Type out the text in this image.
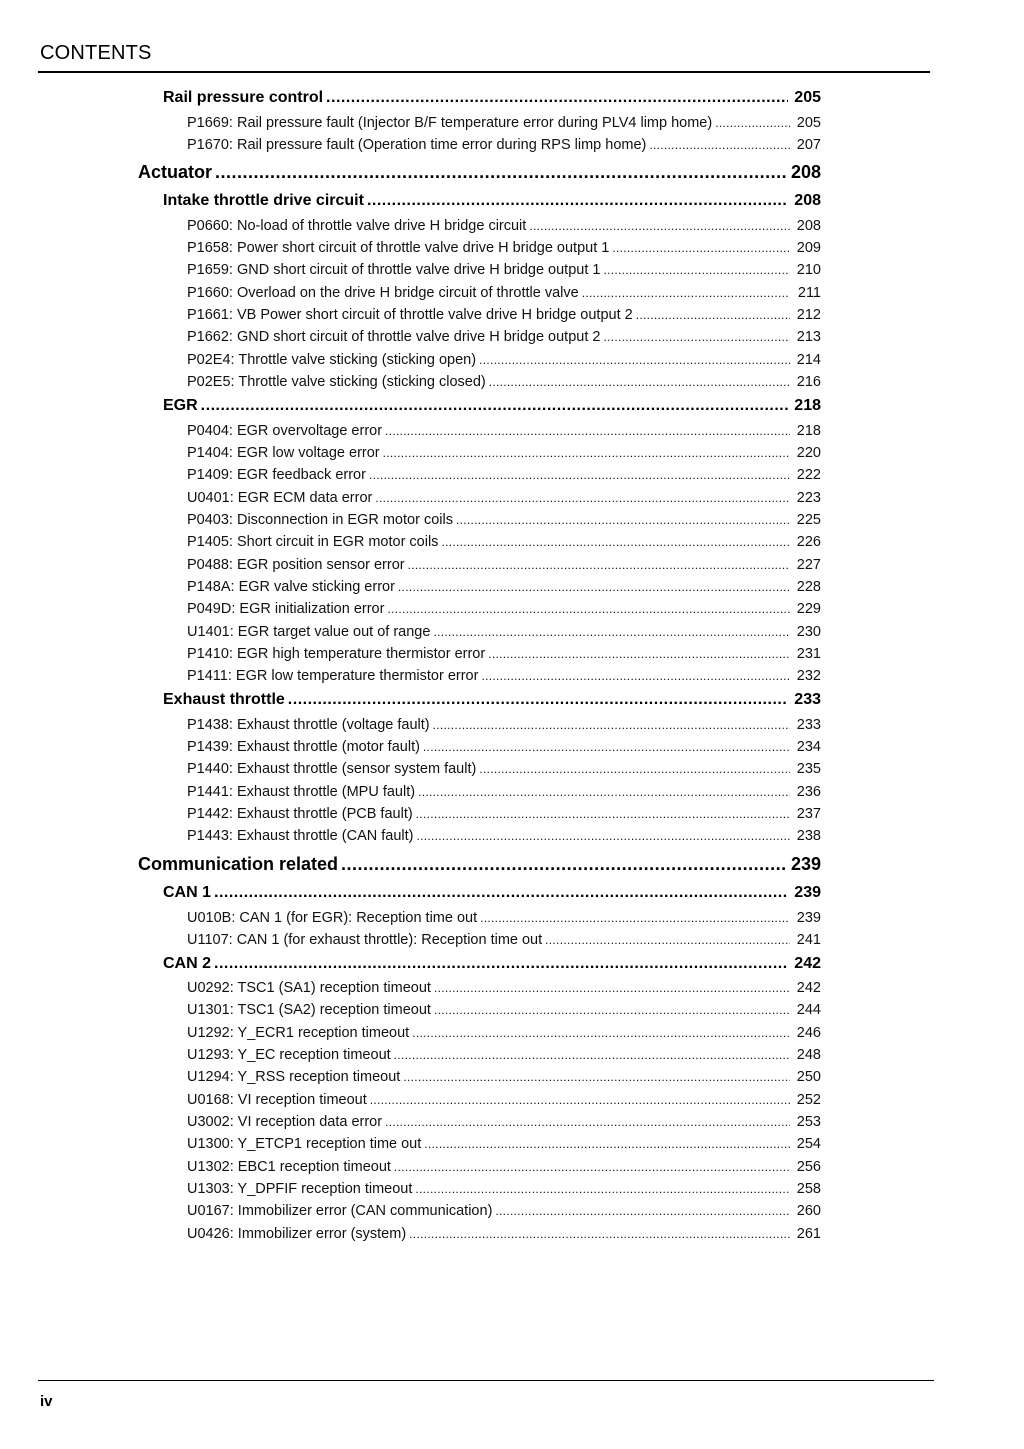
CONTENTS
Rail pressure control .....	205
P1669: Rail pressure fault (Injector B/F temperature error during PLV4 limp home) .....	205
P1670: Rail pressure fault (Operation time error during RPS limp home) .....	207
Actuator .....	208
Intake throttle drive circuit .....	208
P0660: No-load of throttle valve drive H bridge circuit .....	208
P1658: Power short circuit of throttle valve drive H bridge output 1 .....	209
P1659: GND short circuit of throttle valve drive H bridge output 1 .....	210
P1660: Overload on the drive H bridge circuit of throttle valve .....	211
P1661: VB Power short circuit of throttle valve drive H bridge output 2 .....	212
P1662: GND short circuit of throttle valve drive H bridge output 2 .....	213
P02E4: Throttle valve sticking (sticking open) .....	214
P02E5: Throttle valve sticking (sticking closed) .....	216
EGR .....	218
P0404: EGR overvoltage error .....	218
P1404: EGR low voltage error .....	220
P1409: EGR feedback error .....	222
U0401: EGR ECM data error .....	223
P0403: Disconnection in EGR motor coils .....	225
P1405: Short circuit in EGR motor coils .....	226
P0488: EGR position sensor error .....	227
P148A: EGR valve sticking error .....	228
P049D: EGR initialization error .....	229
U1401: EGR target value out of range .....	230
P1410: EGR high temperature thermistor error .....	231
P1411: EGR low temperature thermistor error .....	232
Exhaust throttle .....	233
P1438: Exhaust throttle (voltage fault) .....	233
P1439: Exhaust throttle (motor fault) .....	234
P1440: Exhaust throttle (sensor system fault) .....	235
P1441: Exhaust throttle (MPU fault) .....	236
P1442: Exhaust throttle (PCB fault) .....	237
P1443: Exhaust throttle (CAN fault) .....	238
Communication related .....	239
CAN 1 .....	239
U010B: CAN 1 (for EGR): Reception time out .....	239
U1107: CAN 1 (for exhaust throttle): Reception time out .....	241
CAN 2 .....	242
U0292: TSC1 (SA1) reception timeout .....	242
U1301: TSC1 (SA2) reception timeout .....	244
U1292: Y_ECR1 reception timeout .....	246
U1293: Y_EC reception timeout .....	248
U1294: Y_RSS reception timeout .....	250
U0168: VI reception timeout .....	252
U3002: VI reception data error .....	253
U1300: Y_ETCP1 reception time out .....	254
U1302: EBC1 reception timeout .....	256
U1303: Y_DPFIF reception timeout .....	258
U0167: Immobilizer error (CAN communication) .....	260
U0426: Immobilizer error (system) .....	261
iv
